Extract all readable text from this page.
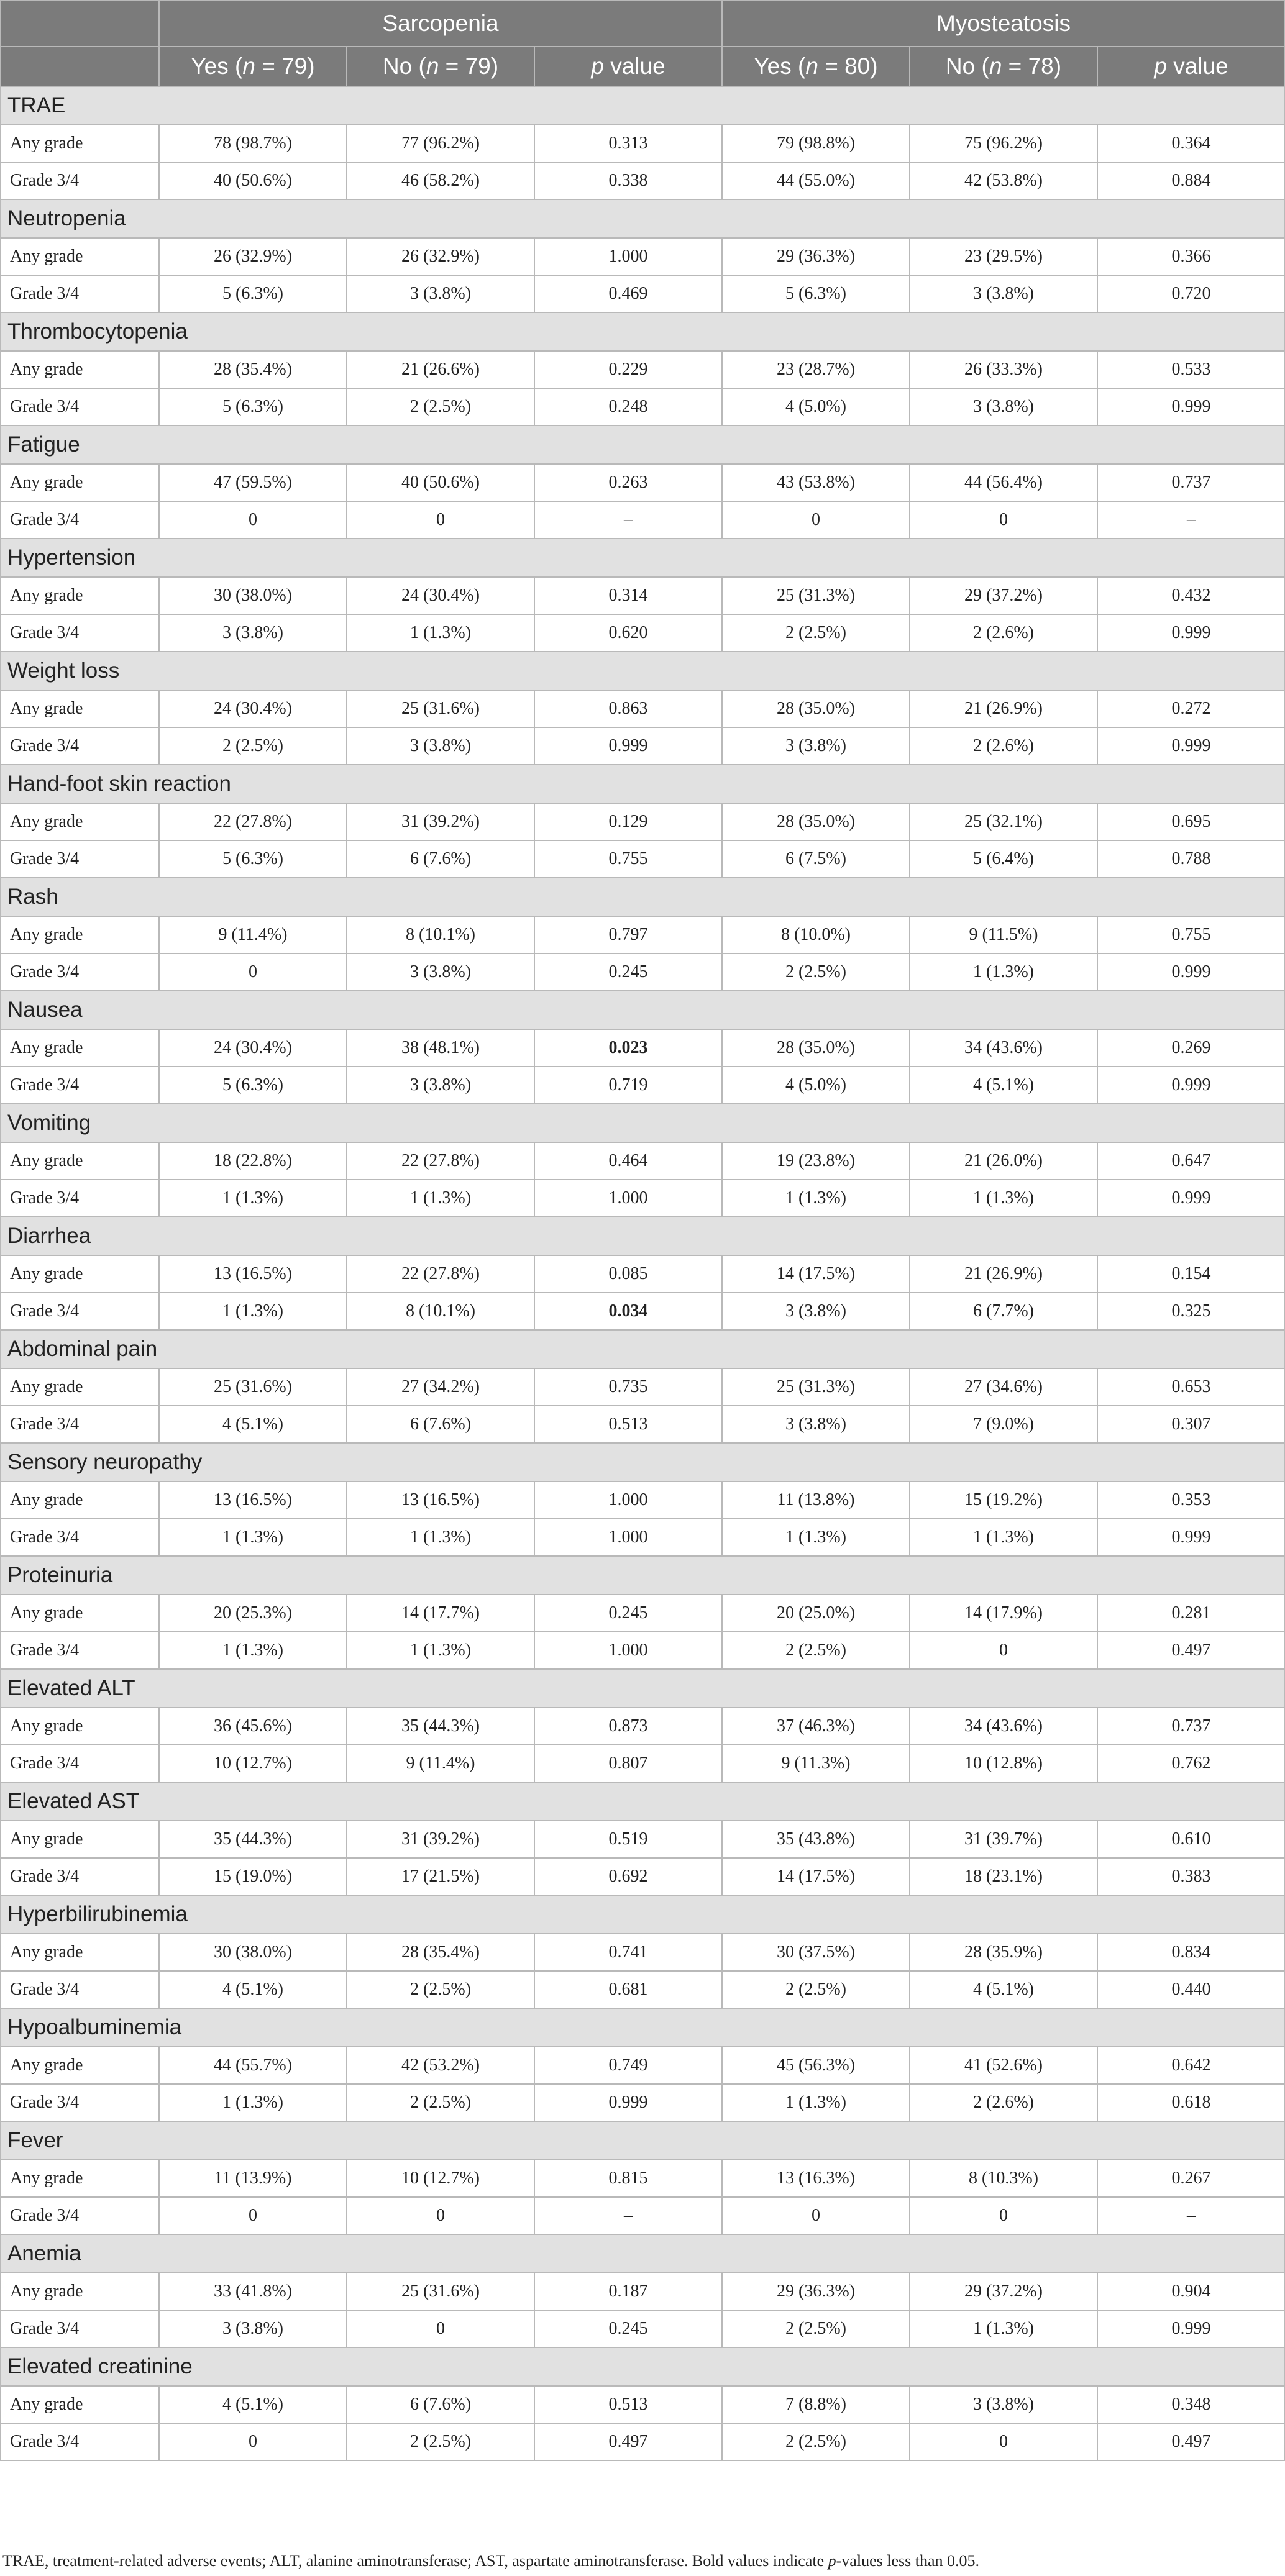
	Sarcopenia			Myosteatosis		
	Yes (n = 79)	No (n = 79)	p value	Yes (n = 80)	No (n = 78)	p value
TRAE						
Any grade	78 (98.7%)	77 (96.2%)	0.313	79 (98.8%)	75 (96.2%)	0.364
Grade 3/4	40 (50.6%)	46 (58.2%)	0.338	44 (55.0%)	42 (53.8%)	0.884
Neutropenia						
Any grade	26 (32.9%)	26 (32.9%)	1.000	29 (36.3%)	23 (29.5%)	0.366
Grade 3/4	5 (6.3%)	3 (3.8%)	0.469	5 (6.3%)	3 (3.8%)	0.720
Thrombocytopenia						
Any grade	28 (35.4%)	21 (26.6%)	0.229	23 (28.7%)	26 (33.3%)	0.533
Grade 3/4	5 (6.3%)	2 (2.5%)	0.248	4 (5.0%)	3 (3.8%)	0.999
Fatigue						
Any grade	47 (59.5%)	40 (50.6%)	0.263	43 (53.8%)	44 (56.4%)	0.737
Grade 3/4	0	0	–	0	0	–
Hypertension						
Any grade	30 (38.0%)	24 (30.4%)	0.314	25 (31.3%)	29 (37.2%)	0.432
Grade 3/4	3 (3.8%)	1 (1.3%)	0.620	2 (2.5%)	2 (2.6%)	0.999
Weight loss						
Any grade	24 (30.4%)	25 (31.6%)	0.863	28 (35.0%)	21 (26.9%)	0.272
Grade 3/4	2 (2.5%)	3 (3.8%)	0.999	3 (3.8%)	2 (2.6%)	0.999
Hand-foot skin reaction						
Any grade	22 (27.8%)	31 (39.2%)	0.129	28 (35.0%)	25 (32.1%)	0.695
Grade 3/4	5 (6.3%)	6 (7.6%)	0.755	6 (7.5%)	5 (6.4%)	0.788
Rash						
Any grade	9 (11.4%)	8 (10.1%)	0.797	8 (10.0%)	9 (11.5%)	0.755
Grade 3/4	0	3 (3.8%)	0.245	2 (2.5%)	1 (1.3%)	0.999
Nausea						
Any grade	24 (30.4%)	38 (48.1%)	0.023	28 (35.0%)	34 (43.6%)	0.269
Grade 3/4	5 (6.3%)	3 (3.8%)	0.719	4 (5.0%)	4 (5.1%)	0.999
Vomiting						
Any grade	18 (22.8%)	22 (27.8%)	0.464	19 (23.8%)	21 (26.0%)	0.647
Grade 3/4	1 (1.3%)	1 (1.3%)	1.000	1 (1.3%)	1 (1.3%)	0.999
Diarrhea						
Any grade	13 (16.5%)	22 (27.8%)	0.085	14 (17.5%)	21 (26.9%)	0.154
Grade 3/4	1 (1.3%)	8 (10.1%)	0.034	3 (3.8%)	6 (7.7%)	0.325
Abdominal pain						
Any grade	25 (31.6%)	27 (34.2%)	0.735	25 (31.3%)	27 (34.6%)	0.653
Grade 3/4	4 (5.1%)	6 (7.6%)	0.513	3 (3.8%)	7 (9.0%)	0.307
Sensory neuropathy						
Any grade	13 (16.5%)	13 (16.5%)	1.000	11 (13.8%)	15 (19.2%)	0.353
Grade 3/4	1 (1.3%)	1 (1.3%)	1.000	1 (1.3%)	1 (1.3%)	0.999
Proteinuria						
Any grade	20 (25.3%)	14 (17.7%)	0.245	20 (25.0%)	14 (17.9%)	0.281
Grade 3/4	1 (1.3%)	1 (1.3%)	1.000	2 (2.5%)	0	0.497
Elevated ALT						
Any grade	36 (45.6%)	35 (44.3%)	0.873	37 (46.3%)	34 (43.6%)	0.737
Grade 3/4	10 (12.7%)	9 (11.4%)	0.807	9 (11.3%)	10 (12.8%)	0.762
Elevated AST						
Any grade	35 (44.3%)	31 (39.2%)	0.519	35 (43.8%)	31 (39.7%)	0.610
Grade 3/4	15 (19.0%)	17 (21.5%)	0.692	14 (17.5%)	18 (23.1%)	0.383
Hyperbilirubinemia						
Any grade	30 (38.0%)	28 (35.4%)	0.741	30 (37.5%)	28 (35.9%)	0.834
Grade 3/4	4 (5.1%)	2 (2.5%)	0.681	2 (2.5%)	4 (5.1%)	0.440
Hypoalbuminemia						
Any grade	44 (55.7%)	42 (53.2%)	0.749	45 (56.3%)	41 (52.6%)	0.642
Grade 3/4	1 (1.3%)	2 (2.5%)	0.999	1 (1.3%)	2 (2.6%)	0.618
Fever						
Any grade	11 (13.9%)	10 (12.7%)	0.815	13 (16.3%)	8 (10.3%)	0.267
Grade 3/4	0	0	–	0	0	–
Anemia						
Any grade	33 (41.8%)	25 (31.6%)	0.187	29 (36.3%)	29 (37.2%)	0.904
Grade 3/4	3 (3.8%)	0	0.245	2 (2.5%)	1 (1.3%)	0.999
Elevated creatinine						
Any grade	4 (5.1%)	6 (7.6%)	0.513	7 (8.8%)	3 (3.8%)	0.348
Grade 3/4	0	2 (2.5%)	0.497	2 (2.5%)	0	0.497
TRAE, treatment-related adverse events; ALT, alanine aminotransferase; AST, aspartate aminotransferase. Bold values indicate p-values less than 0.05.
